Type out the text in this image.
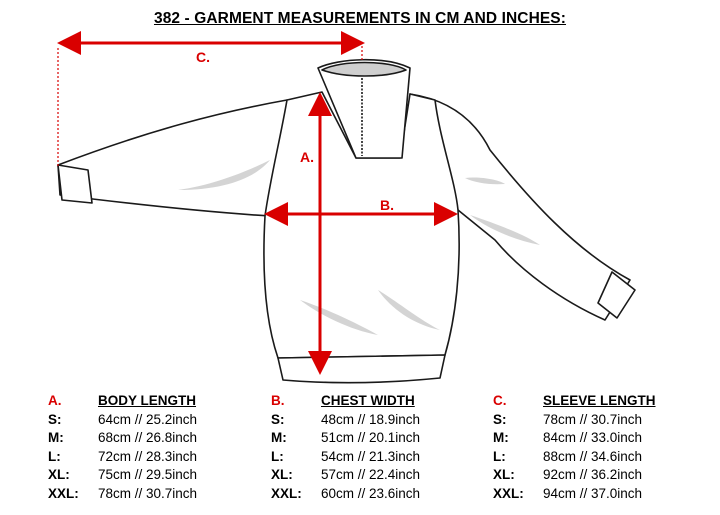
382 - GARMENT MEASUREMENTS IN CM AND INCHES:
A.
B.
C.
A.	BODY LENGTH
S:	64cm // 25.2inch
M:	68cm // 26.8inch
L:	72cm // 28.3inch
XL:	75cm // 29.5inch
XXL:	78cm // 30.7inch
B.	CHEST WIDTH
S:	48cm // 18.9inch
M:	51cm // 20.1inch
L:	54cm // 21.3inch
XL:	57cm // 22.4inch
XXL:	60cm // 23.6inch
C.	SLEEVE LENGTH
S:	78cm // 30.7inch
M:	84cm // 33.0inch
L:	88cm // 34.6inch
XL:	92cm // 36.2inch
XXL:	94cm // 37.0inch
